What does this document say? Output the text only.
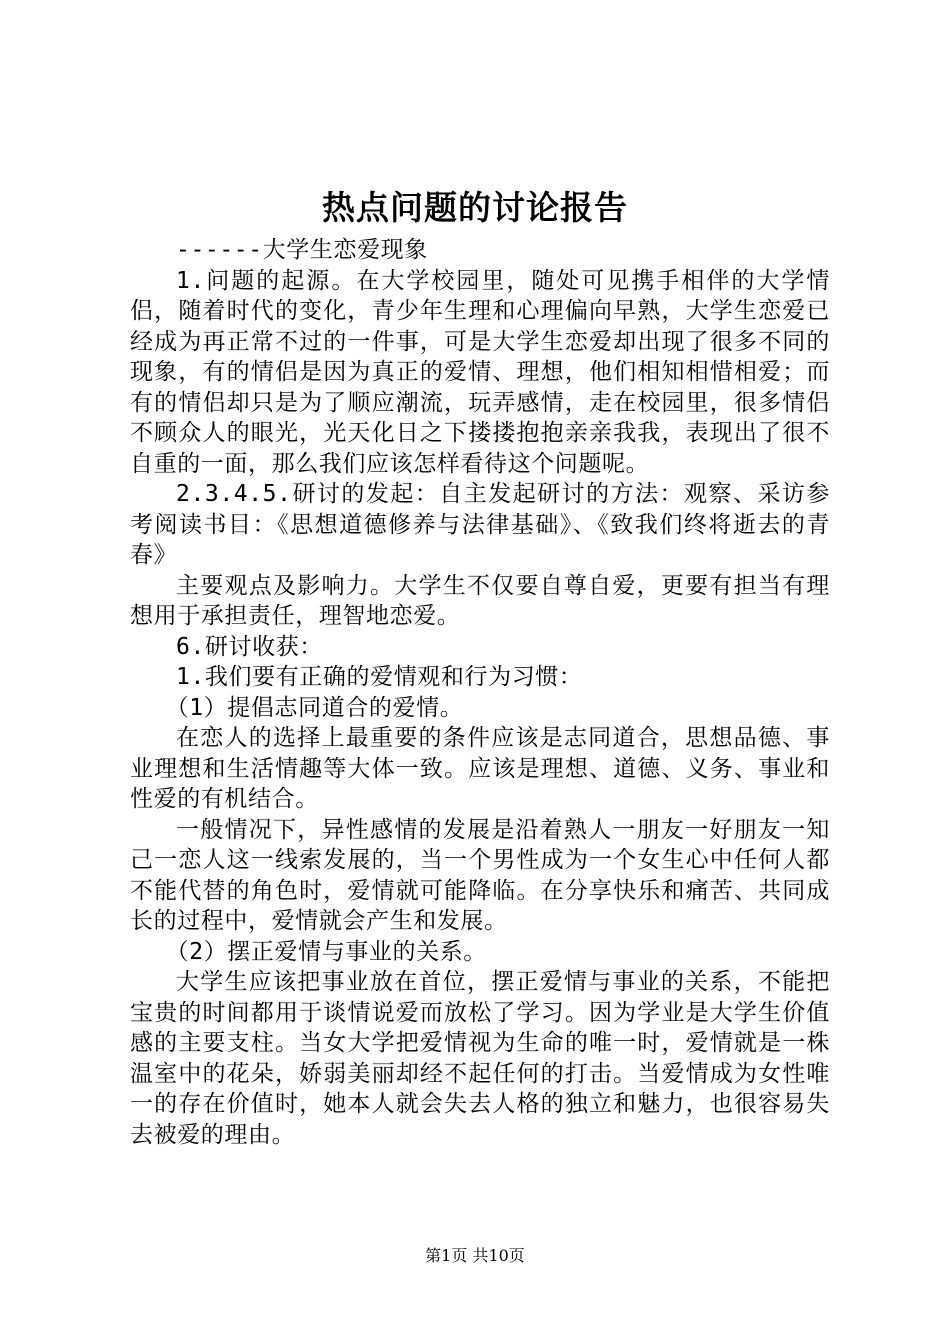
热点问题的讨论报告

------大学生恋爱现象

1.问题的起源。在大学校园里，随处可见携手相伴的大学情侣，随着时代的变化，青少年生理和心理偏向早熟，大学生恋爱已经成为再正常不过的一件事，可是大学生恋爱却出现了很多不同的现象，有的情侣是因为真正的爱情、理想，他们相知相惜相爱；而有的情侣却只是为了顺应潮流，玩弄感情，走在校园里，很多情侣不顾众人的眼光，光天化日之下搂搂抱抱亲亲我我，表现出了很不自重的一面，那么我们应该怎样看待这个问题呢。

2.3.4.5.研讨的发起：自主发起研讨的方法：观察、采访参考阅读书目：《思想道德修养与法律基础》、《致我们终将逝去的青春》

主要观点及影响力。大学生不仅要自尊自爱，更要有担当有理想用于承担责任，理智地恋爱。

6.研讨收获：

1.我们要有正确的爱情观和行为习惯：

（1）提倡志同道合的爱情。

在恋人的选择上最重要的条件应该是志同道合，思想品德、事业理想和生活情趣等大体一致。应该是理想、道德、义务、事业和性爱的有机结合。

一般情况下，异性感情的发展是沿着熟人一朋友一好朋友一知己一恋人这一线索发展的，当一个男性成为一个女生心中任何人都不能代替的角色时，爱情就可能降临。在分享快乐和痛苦、共同成长的过程中，爱情就会产生和发展。

（2）摆正爱情与事业的关系。

大学生应该把事业放在首位，摆正爱情与事业的关系，不能把宝贵的时间都用于谈情说爱而放松了学习。因为学业是大学生价值感的主要支柱。当女大学把爱情视为生命的唯一时，爱情就是一株温室中的花朵，娇弱美丽却经不起任何的打击。当爱情成为女性唯一的存在价值时，她本人就会失去人格的独立和魅力，也很容易失去被爱的理由。

第1页 共10页
